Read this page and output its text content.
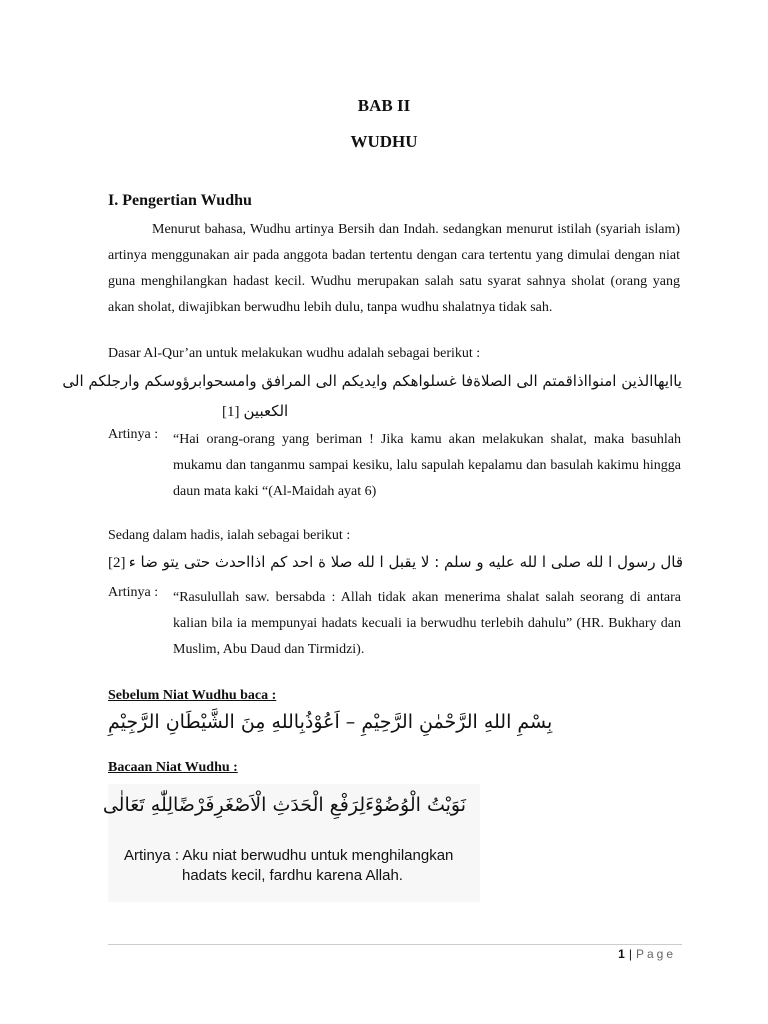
BAB II
WUDHU
I. Pengertian Wudhu
Menurut bahasa, Wudhu artinya Bersih dan Indah. sedangkan menurut istilah (syariah islam) artinya menggunakan air pada anggota badan tertentu dengan cara tertentu yang dimulai dengan niat guna menghilangkan hadast kecil. Wudhu merupakan salah satu syarat sahnya sholat (orang yang akan sholat, diwajibkan berwudhu lebih dulu, tanpa wudhu shalatnya tidak sah.
Dasar Al-Qur’an untuk melakukan wudhu adalah sebagai berikut :
ياايهاالذين امنوااذاقمتم الى الصلاةفا غسلواهكم وايديكم الى المرافق وامسحوابرؤوسكم وارجلكم الى
[1] الكعبين
Artinya : “Hai orang-orang yang beriman ! Jika kamu akan melakukan shalat, maka basuhlah mukamu dan tanganmu sampai kesiku, lalu sapulah kepalamu dan basulah kakimu hingga daun mata kaki “(Al-Maidah ayat 6)
Sedang dalam hadis, ialah sebagai berikut :
[2] قال رسول ا لله صلى ا لله عليه و سلم : لا يقبل ا لله صلا ة احد كم اذااحدث حتى يتو ضا ء
Artinya : “Rasulullah saw. bersabda : Allah tidak akan menerima shalat salah seorang di antara kalian bila ia mempunyai hadats kecuali ia berwudhu terlebih dahulu” (HR. Bukhary dan Muslim, Abu Daud dan Tirmidzi).
Sebelum Niat Wudhu baca :
بِسْمِ اللهِ الرَّحْمٰنِ الرَّحِيْمِ – اَعُوْذُبِاللهِ مِنَ الشَّيْطَانِ الرَّجِيْمِ
Bacaan Niat Wudhu :
نَوَيْتُ الْوُضُوْءَلِرَفْعِ الْحَدَثِ الْاَصْغَرِفَرْضًالِلّٰهِ تَعَالٰى
Artinya : Aku niat berwudhu untuk menghilangkan
hadats kecil, fardhu karena Allah.
1 | Page
